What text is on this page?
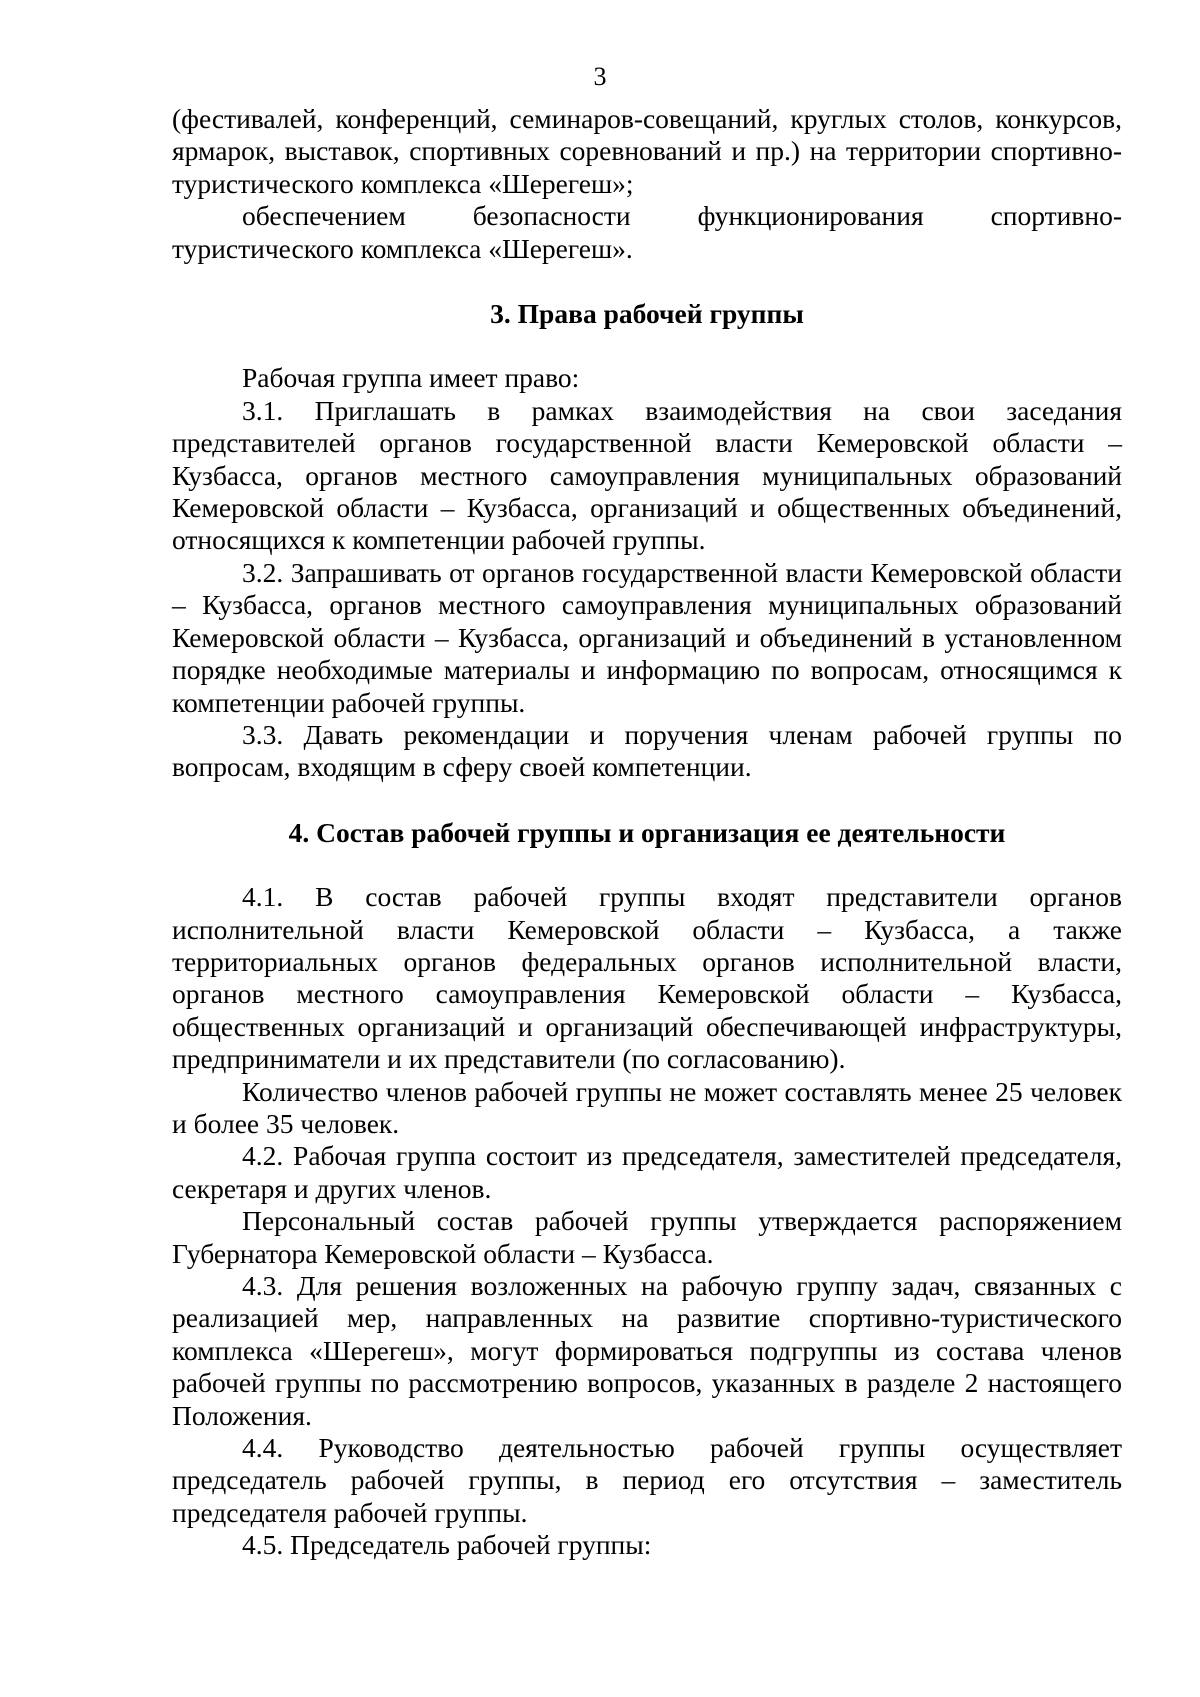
3

(фестивалей, конференций, семинаров-совещаний, круглых столов, конкурсов, ярмарок, выставок, спортивных соревнований и пр.) на территории спортивно-туристического комплекса «Шерегеш»;

обеспечением безопасности функционирования спортивно-туристического комплекса «Шерегеш».

3. Права рабочей группы

Рабочая группа имеет право:

3.1. Приглашать в рамках взаимодействия на свои заседания представителей органов государственной власти Кемеровской области – Кузбасса, органов местного самоуправления муниципальных образований Кемеровской области – Кузбасса, организаций и общественных объединений, относящихся к компетенции рабочей группы.

3.2. Запрашивать от органов государственной власти Кемеровской области – Кузбасса, органов местного самоуправления муниципальных образований Кемеровской области – Кузбасса, организаций и объединений в установленном порядке необходимые материалы и информацию по вопросам, относящимся к компетенции рабочей группы.

3.3. Давать рекомендации и поручения членам рабочей группы по вопросам, входящим в сферу своей компетенции.

4. Состав рабочей группы и организация ее деятельности

4.1. В состав рабочей группы входят представители органов исполнительной власти Кемеровской области – Кузбасса, а также территориальных органов федеральных органов исполнительной власти, органов местного самоуправления Кемеровской области – Кузбасса, общественных организаций и организаций обеспечивающей инфраструктуры, предприниматели и их представители (по согласованию).

Количество членов рабочей группы не может составлять менее 25 человек и более 35 человек.

4.2. Рабочая группа состоит из председателя, заместителей председателя, секретаря и других членов.

Персональный состав рабочей группы утверждается распоряжением Губернатора Кемеровской области – Кузбасса.

4.3. Для решения возложенных на рабочую группу задач, связанных с реализацией мер, направленных на развитие спортивно-туристического комплекса «Шерегеш», могут формироваться подгруппы из состава членов рабочей группы по рассмотрению вопросов, указанных в разделе 2 настоящего Положения.

4.4. Руководство деятельностью рабочей группы осуществляет председатель рабочей группы, в период его отсутствия – заместитель председателя рабочей группы.

4.5. Председатель рабочей группы:
